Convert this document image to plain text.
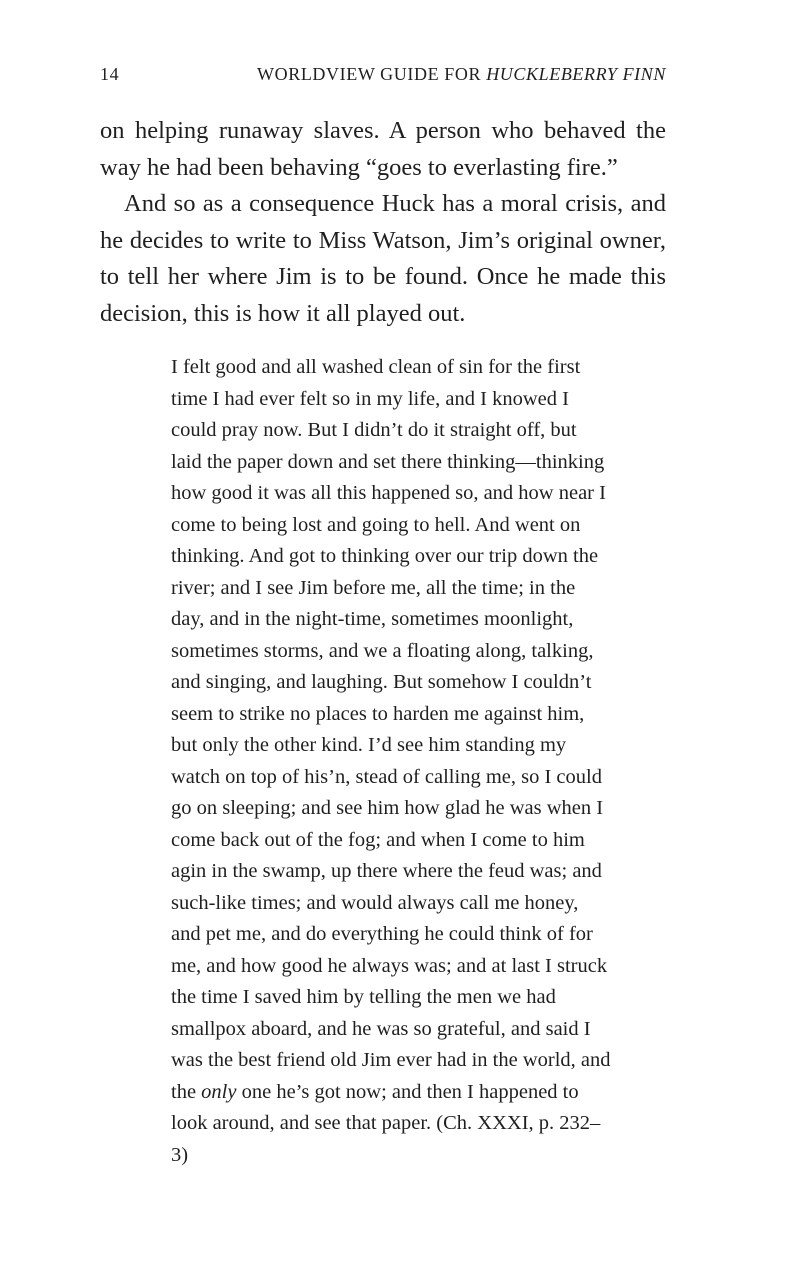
14	WORLDVIEW GUIDE FOR HUCKLEBERRY FINN

on helping runaway slaves. A person who behaved the way he had been behaving “goes to everlasting fire.”

And so as a consequence Huck has a moral crisis, and he decides to write to Miss Watson, Jim’s original owner, to tell her where Jim is to be found. Once he made this decision, this is how it all played out.

I felt good and all washed clean of sin for the first time I had ever felt so in my life, and I knowed I could pray now. But I didn’t do it straight off, but laid the paper down and set there thinking—thinking how good it was all this happened so, and how near I come to being lost and going to hell. And went on thinking. And got to thinking over our trip down the river; and I see Jim before me, all the time; in the day, and in the night-time, sometimes moonlight, sometimes storms, and we a floating along, talking, and singing, and laughing. But somehow I couldn’t seem to strike no places to harden me against him, but only the other kind. I’d see him standing my watch on top of his’n, stead of calling me, so I could go on sleeping; and see him how glad he was when I come back out of the fog; and when I come to him agin in the swamp, up there where the feud was; and such-like times; and would always call me honey, and pet me, and do everything he could think of for me, and how good he always was; and at last I struck the time I saved him by telling the men we had smallpox aboard, and he was so grateful, and said I was the best friend old Jim ever had in the world, and the only one he’s got now; and then I happened to look around, and see that paper. (Ch. XXXI, p. 232–3)
